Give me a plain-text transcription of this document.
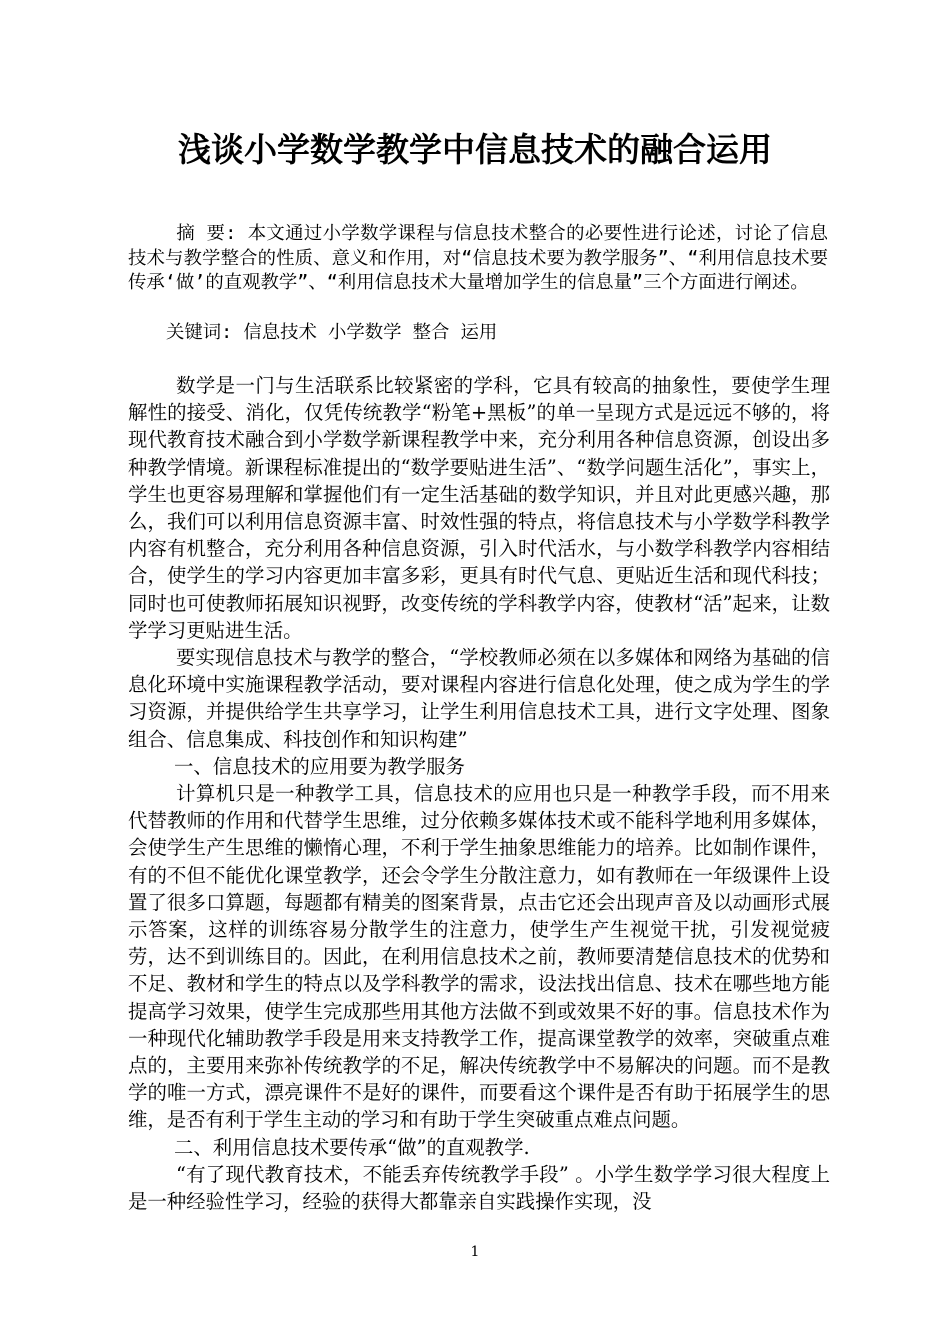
浅谈小学数学教学中信息技术的融合运用

摘 要: 本文通过小学数学课程与信息技术整合的必要性进行论述，讨论了信息技术与教学整合的性质、意义和作用，对“信息技术要为教学服务”、“利用信息技术要传承‘做’的直观教学”、“利用信息技术大量增加学生的信息量”三个方面进行阐述。

关键词: 信息技术 小学数学 整合 运用

数学是一门与生活联系比较紧密的学科，它具有较高的抽象性，要使学生理解性的接受、消化，仅凭传统教学“粉笔+黑板”的单一呈现方式是远远不够的，将现代教育技术融合到小学数学新课程教学中来，充分利用各种信息资源，创设出多种教学情境。新课程标准提出的“数学要贴进生活”、“数学问题生活化”，事实上，学生也更容易理解和掌握他们有一定生活基础的数学知识，并且对此更感兴趣，那么，我们可以利用信息资源丰富、时效性强的特点，将信息技术与小学数学科教学内容有机整合，充分利用各种信息资源，引入时代活水，与小数学科教学内容相结合，使学生的学习内容更加丰富多彩，更具有时代气息、更贴近生活和现代科技；同时也可使教师拓展知识视野，改变传统的学科教学内容，使教材“活”起来，让数学学习更贴进生活。

要实现信息技术与教学的整合，“学校教师必须在以多媒体和网络为基础的信息化环境中实施课程教学活动，要对课程内容进行信息化处理，使之成为学生的学习资源，并提供给学生共享学习，让学生利用信息技术工具，进行文字处理、图象组合、信息集成、科技创作和知识构建”

一、信息技术的应用要为教学服务

计算机只是一种教学工具，信息技术的应用也只是一种教学手段，而不用来代替教师的作用和代替学生思维，过分依赖多媒体技术或不能科学地利用多媒体，会使学生产生思维的懒惰心理，不利于学生抽象思维能力的培养。比如制作课件，有的不但不能优化课堂教学，还会令学生分散注意力，如有教师在一年级课件上设置了很多口算题，每题都有精美的图案背景，点击它还会出现声音及以动画形式展示答案，这样的训练容易分散学生的注意力，使学生产生视觉干扰，引发视觉疲劳，达不到训练目的。因此，在利用信息技术之前，教师要清楚信息技术的优势和不足、教材和学生的特点以及学科教学的需求，设法找出信息、技术在哪些地方能提高学习效果，使学生完成那些用其他方法做不到或效果不好的事。信息技术作为一种现代化辅助教学手段是用来支持教学工作，提高课堂教学的效率，突破重点难点的，主要用来弥补传统教学的不足，解决传统教学中不易解决的问题。而不是教学的唯一方式，漂亮课件不是好的课件，而要看这个课件是否有助于拓展学生的思维，是否有利于学生主动的学习和有助于学生突破重点难点问题。

二、利用信息技术要传承“做”的直观教学.

“有了现代教育技术，不能丢弃传统教学手段” 。小学生数学学习很大程度上是一种经验性学习，经验的获得大都靠亲自实践操作实现，没

1
